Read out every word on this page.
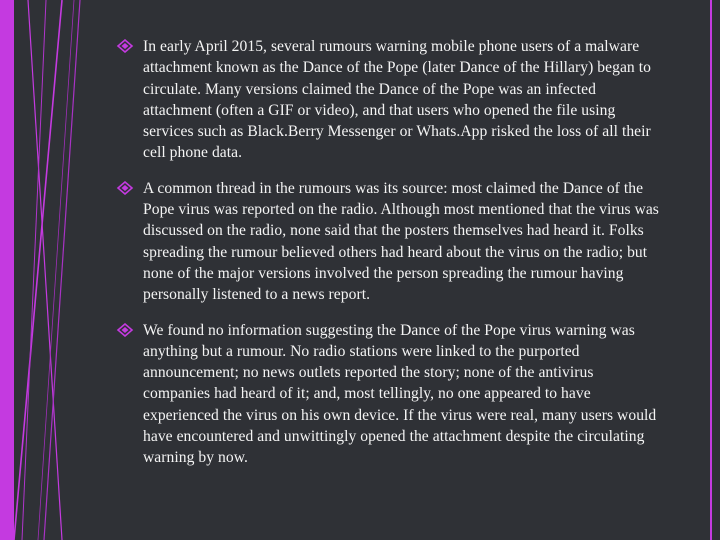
In early April 2015, several rumours warning mobile phone users of a malware attachment known as the Dance of the Pope (later Dance of the Hillary) began to circulate. Many versions claimed the Dance of the Pope was an infected attachment (often a GIF or video), and that users who opened the file using services such as Black.Berry Messenger or Whats.App risked the loss of all their cell phone data.
A common thread in the rumours was its source: most claimed the Dance of the Pope virus was reported on the radio. Although most mentioned that the virus was discussed on the radio, none said that the posters themselves had heard it. Folks spreading the rumour believed others had heard about the virus on the radio; but none of the major versions involved the person spreading the rumour having personally listened to a news report.
We found no information suggesting the Dance of the Pope virus warning was anything but a rumour. No radio stations were linked to the purported announcement; no news outlets reported the story; none of the antivirus companies had heard of it; and, most tellingly, no one appeared to have experienced the virus on his own device. If the virus were real, many users would have encountered and unwittingly opened the attachment despite the circulating warning by now.
